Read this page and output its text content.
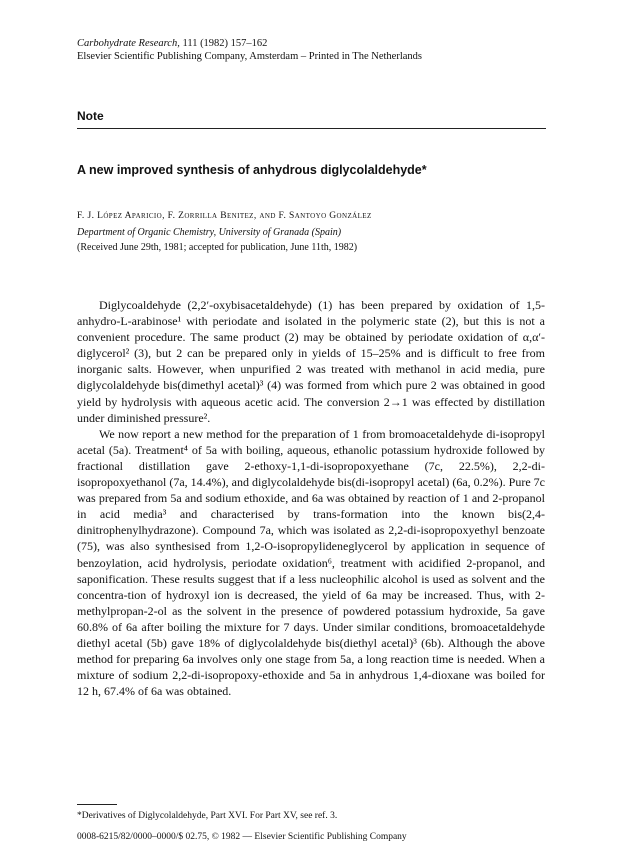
Carbohydrate Research, 111 (1982) 157–162
Elsevier Scientific Publishing Company, Amsterdam – Printed in The Netherlands
Note
A new improved synthesis of anhydrous diglycolaldehyde*
F. J. López Aparicio, F. Zorrilla Benitez, and F. Santoyo González
Department of Organic Chemistry, University of Granada (Spain)
(Received June 29th, 1981; accepted for publication, June 11th, 1982)

Diglycoaldehyde (2,2′-oxybisacetaldehyde) (1) has been prepared by oxidation of 1,5-anhydro-L-arabinose¹ with periodate and isolated in the polymeric state (2), but this is not a convenient procedure. The same product (2) may be obtained by periodate oxidation of α,α′-diglycerol² (3), but 2 can be prepared only in yields of 15–25% and is difficult to free from inorganic salts. However, when unpurified 2 was treated with methanol in acid media, pure diglycolaldehyde bis(dimethyl acetal)³ (4) was formed from which pure 2 was obtained in good yield by hydrolysis with aqueous acetic acid. The conversion 2→1 was effected by distillation under diminished pressure².

We now report a new method for the preparation of 1 from bromoacetaldehyde di-isopropyl acetal (5a). Treatment⁴ of 5a with boiling, aqueous, ethanolic potassium hydroxide followed by fractional distillation gave 2-ethoxy-1,1-di-isopropoxyethane (7c, 22.5%), 2,2-di-isopropoxyethanol (7a, 14.4%), and diglycolaldehyde bis(di-isopropyl acetal) (6a, 0.2%). Pure 7c was prepared from 5a and sodium ethoxide, and 6a was obtained by reaction of 1 and 2-propanol in acid media³ and characterised by trans-formation into the known bis(2,4-dinitrophenylhydrazone). Compound 7a, which was isolated as 2,2-di-isopropoxyethyl benzoate (75), was also synthesised from 1,2-O-isopropylideneglycerol by application in sequence of benzoylation, acid hydrolysis, periodate oxidation⁶, treatment with acidified 2-propanol, and saponification. These results suggest that if a less nucleophilic alcohol is used as solvent and the concentra-tion of hydroxyl ion is decreased, the yield of 6a may be increased. Thus, with 2-methylpropan-2-ol as the solvent in the presence of powdered potassium hydroxide, 5a gave 60.8% of 6a after boiling the mixture for 7 days. Under similar conditions, bromoacetaldehyde diethyl acetal (5b) gave 18% of diglycolaldehyde bis(diethyl acetal)³ (6b). Although the above method for preparing 6a involves only one stage from 5a, a long reaction time is needed. When a mixture of sodium 2,2-di-isopropoxy-ethoxide and 5a in anhydrous 1,4-dioxane was boiled for 12 h, 67.4% of 6a was obtained.

*Derivatives of Diglycolaldehyde, Part XVI. For Part XV, see ref. 3.
0008-6215/82/0000–0000/$ 02.75, © 1982 — Elsevier Scientific Publishing Company
